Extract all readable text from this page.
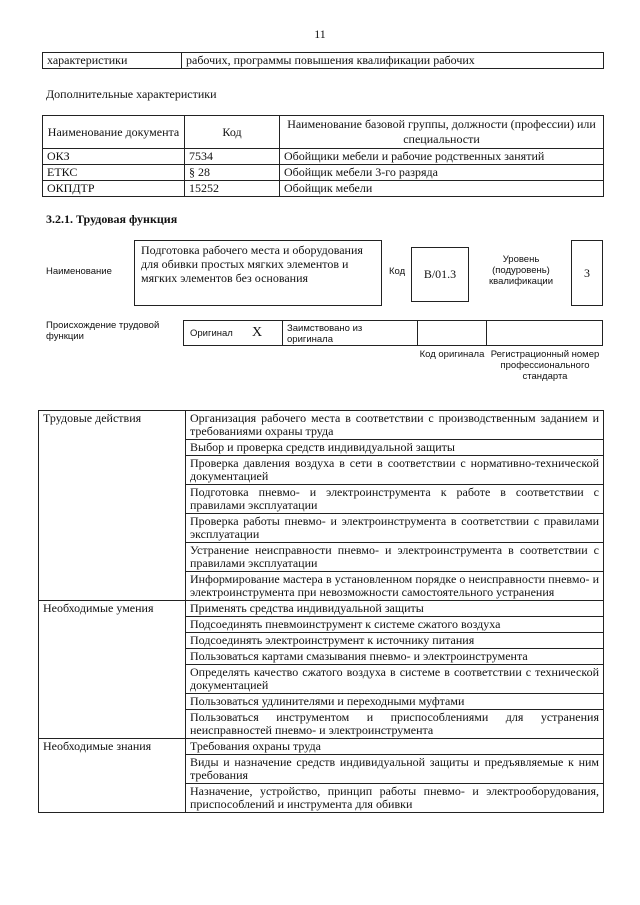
11
характеристики	рабочих, программы повышения квалификации рабочих
Дополнительные характеристики
Наименование документа	Код	Наименование базовой группы, должности (профессии) или специальности
ОКЗ	7534	Обойщики мебели и рабочие родственных занятий
ЕТКС	§ 28	Обойщик мебели 3-го разряда
ОКПДТР	15252	Обойщик мебели
3.2.1. Трудовая функция
Наименование
Подготовка рабочего места и оборудования для обивки простых мягких элементов и мягких элементов без основания	Код	B/01.3
Уровень (подуровень) квалификации
3
Происхождение трудовой функции	Оригинал X	Заимствовано из оригинала
Код оригинала Регистрационный номер профессионального стандарта
Трудовые действия	Организация рабочего места в соответствии с производственным заданием и требованиями охраны труда
	Выбор и проверка средств индивидуальной защиты
	Проверка давления воздуха в сети в соответствии с нормативно-технической документацией
	Подготовка пневмо- и электроинструмента к работе в соответствии с правилами эксплуатации
	Проверка работы пневмо- и электроинструмента в соответствии с правилами эксплуатации
	Устранение неисправности пневмо- и электроинструмента в соответствии с правилами эксплуатации
	Информирование мастера в установленном порядке о неисправности пневмо- и электроинструмента при невозможности самостоятельного устранения
Необходимые умения	Применять средства индивидуальной защиты
	Подсоединять пневмоинструмент к системе сжатого воздуха
	Подсоединять электроинструмент к источнику питания
	Пользоваться картами смазывания пневмо- и электроинструмента
	Определять качество сжатого воздуха в системе в соответствии с технической документацией
	Пользоваться удлинителями и переходными муфтами
	Пользоваться инструментом и приспособлениями для устранения неисправностей пневмо- и электроинструмента
Необходимые знания	Требования охраны труда
	Виды и назначение средств индивидуальной защиты и предъявляемые к ним требования
	Назначение, устройство, принцип работы пневмо- и электрооборудования, приспособлений и инструмента для обивки
